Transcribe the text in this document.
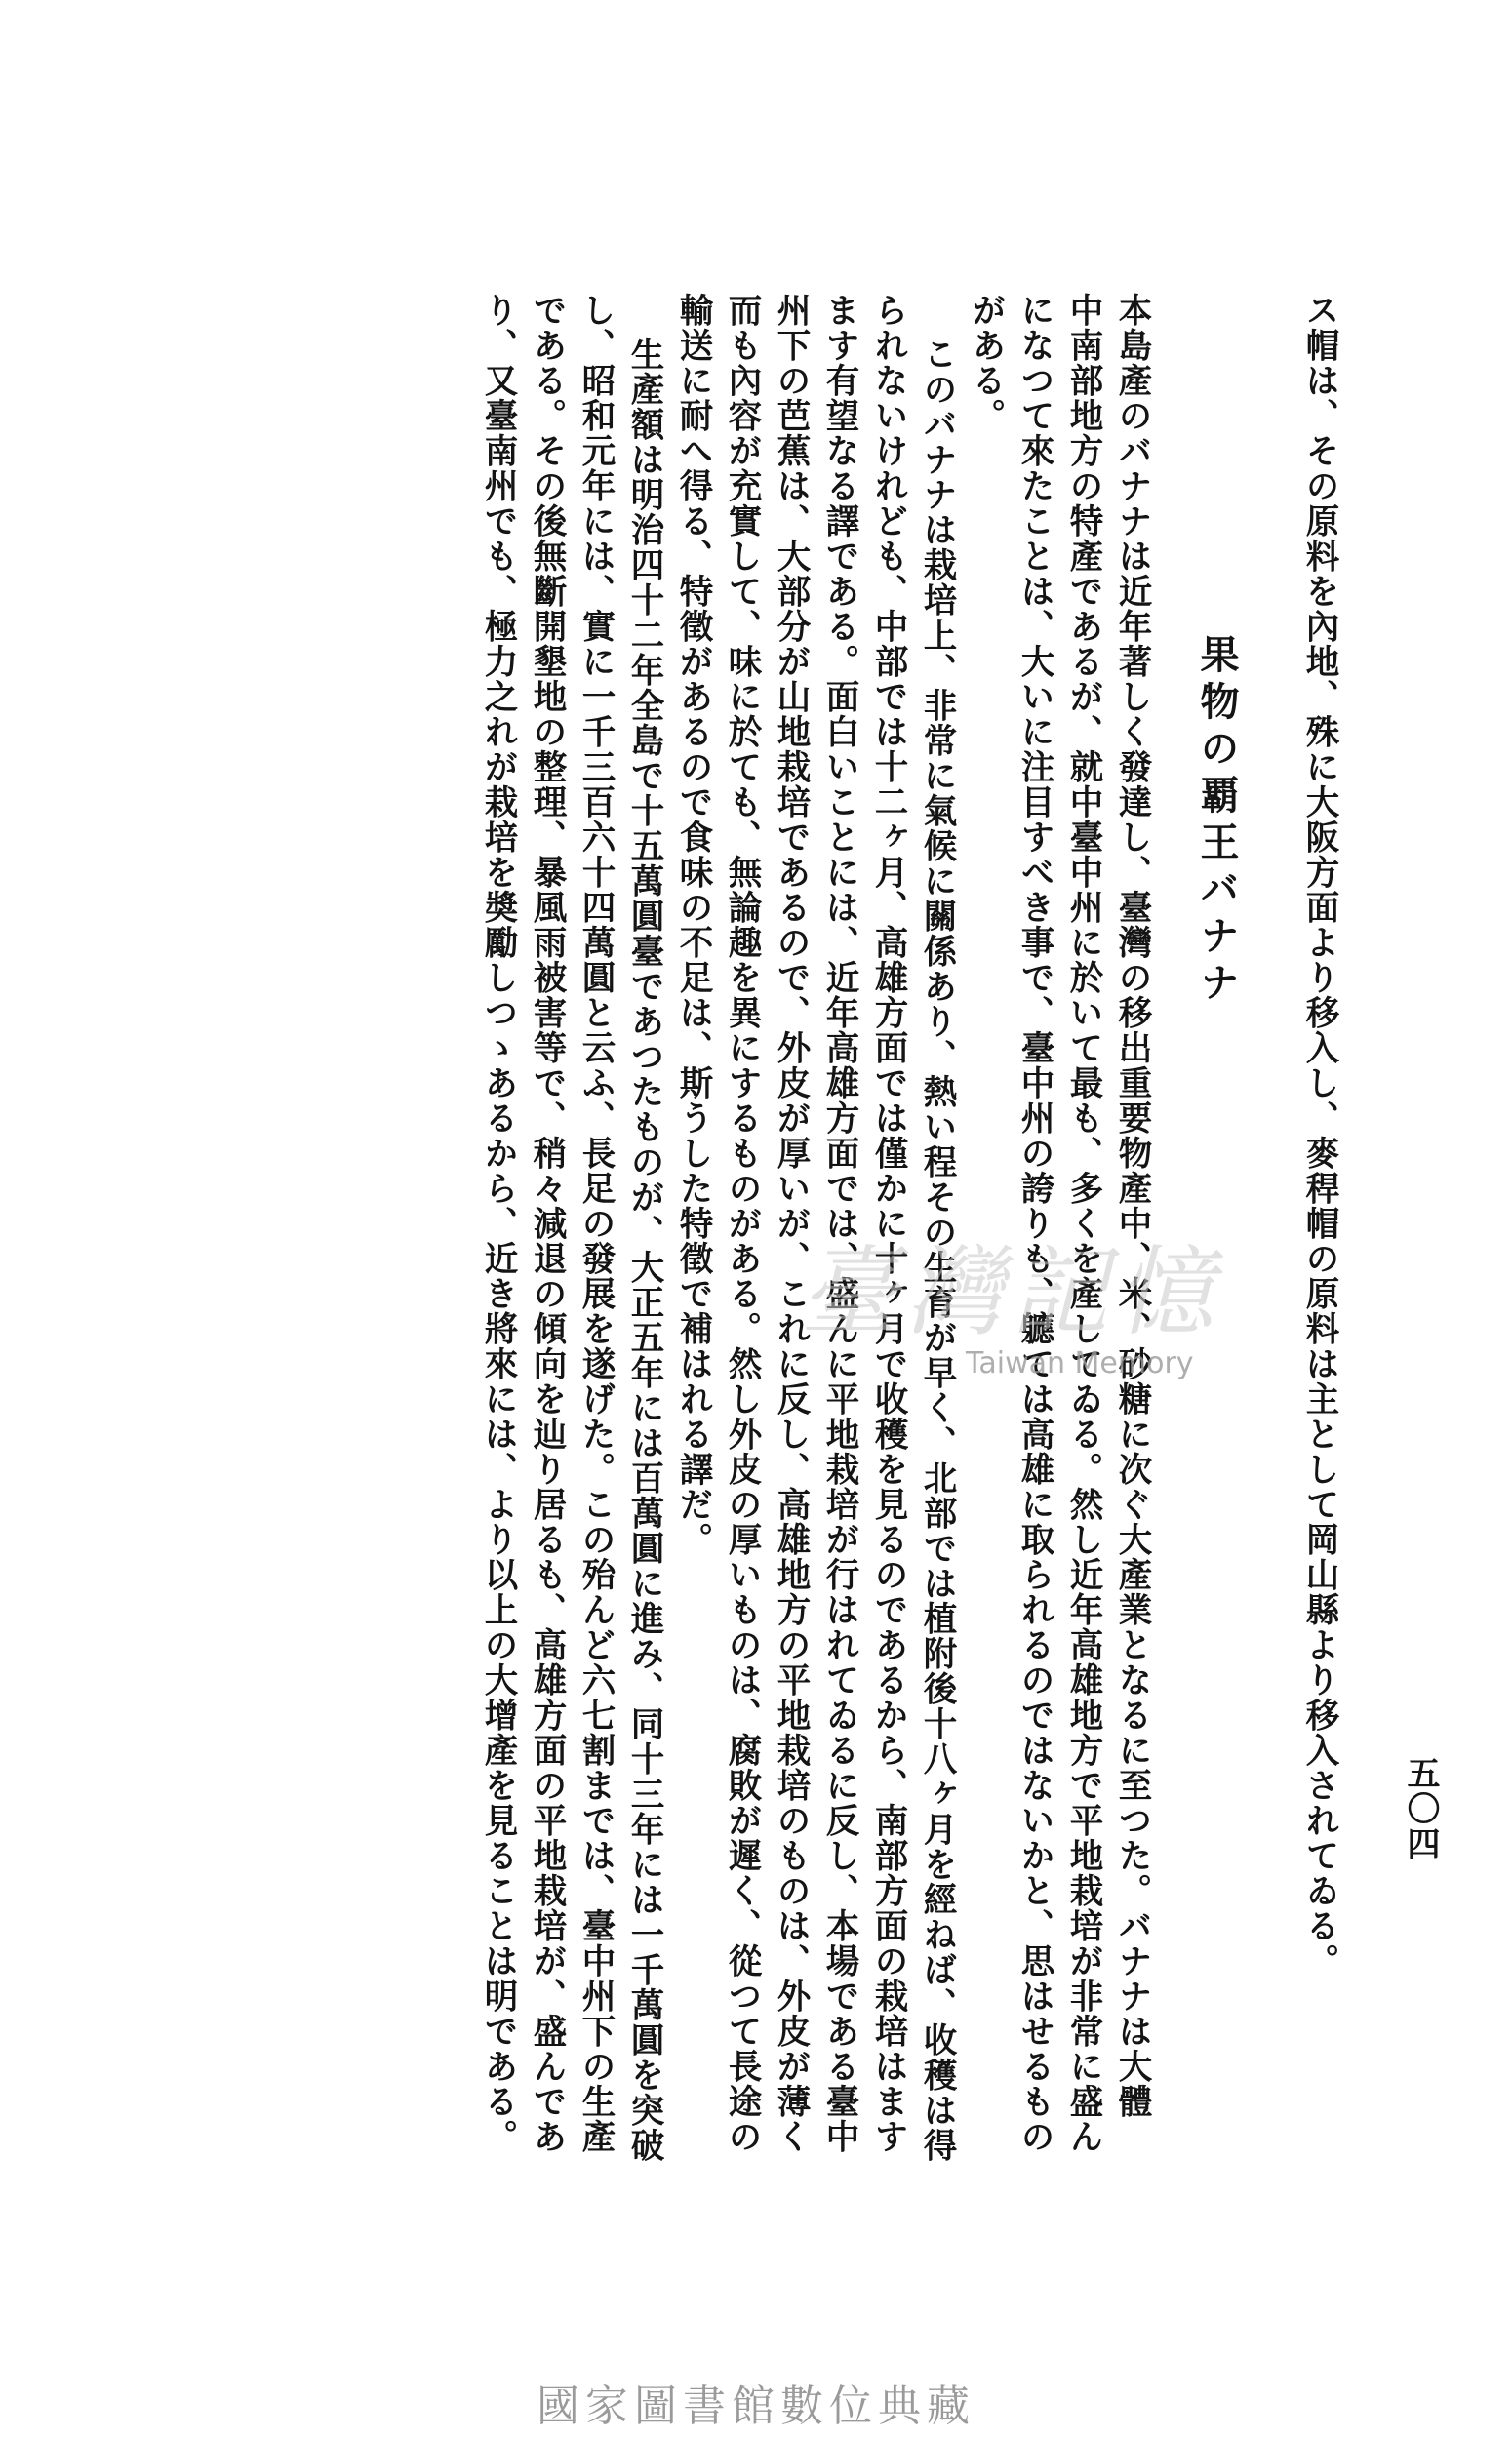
五〇四
ス帽は、その原料を內地、殊に大阪方面より移入し、麥稈帽の原料は主として岡山縣より移入されてゐる。
果物の覇王バナナ
本島產のバナナは近年著しく發達し、臺灣の移出重要物產中、米、砂糖に次ぐ大產業となるに至つた。バナナは大體
中南部地方の特產であるが、就中臺中州に於いて最も、多くを產してゐる。然し近年高雄地方で平地栽培が非常に盛ん
になつて來たことは、大いに注目すべき事で、臺中州の誇りも、軈ては高雄に取られるのではないかと、思はせるもの
がある。
このバナナは栽培上、非常に氣候に關係あり、熱い程その生育が早く、北部では植附後十八ヶ月を經ねば、收穫は得
られないけれども、中部では十二ヶ月、高雄方面では僅かに十ヶ月で收穫を見るのであるから、南部方面の栽培はます
ます有望なる譯である。面白いことには、近年高雄方面では、盛んに平地栽培が行はれてゐるに反し、本場である臺中
州下の芭蕉は、大部分が山地栽培であるので、外皮が厚いが、これに反し、高雄地方の平地栽培のものは、外皮が薄く
而も內容が充實して、味に於ても、無論趣を異にするものがある。然し外皮の厚いものは、腐敗が遲く、從つて長途の
輸送に耐へ得る、特徵があるので食味の不足は、斯うした特徵で補はれる譯だ。
生產額は明治四十二年全島で十五萬圓臺であつたものが、大正五年には百萬圓に進み、同十三年には一千萬圓を突破
し、昭和元年には、實に一千三百六十四萬圓と云ふ、長足の發展を遂げた。この殆んど六七割までは、臺中州下の生產
である。その後無斷開墾地の整理、暴風雨被害等で、稍々減退の傾向を辿り居るも、高雄方面の平地栽培が、盛んであ
り、又臺南州でも、極力之れが栽培を奬勵しつゝあるから、近き將來には、より以上の大增產を見ることは明である。	臺灣記憶
Taiwan Memory
國家圖書館數位典藏
